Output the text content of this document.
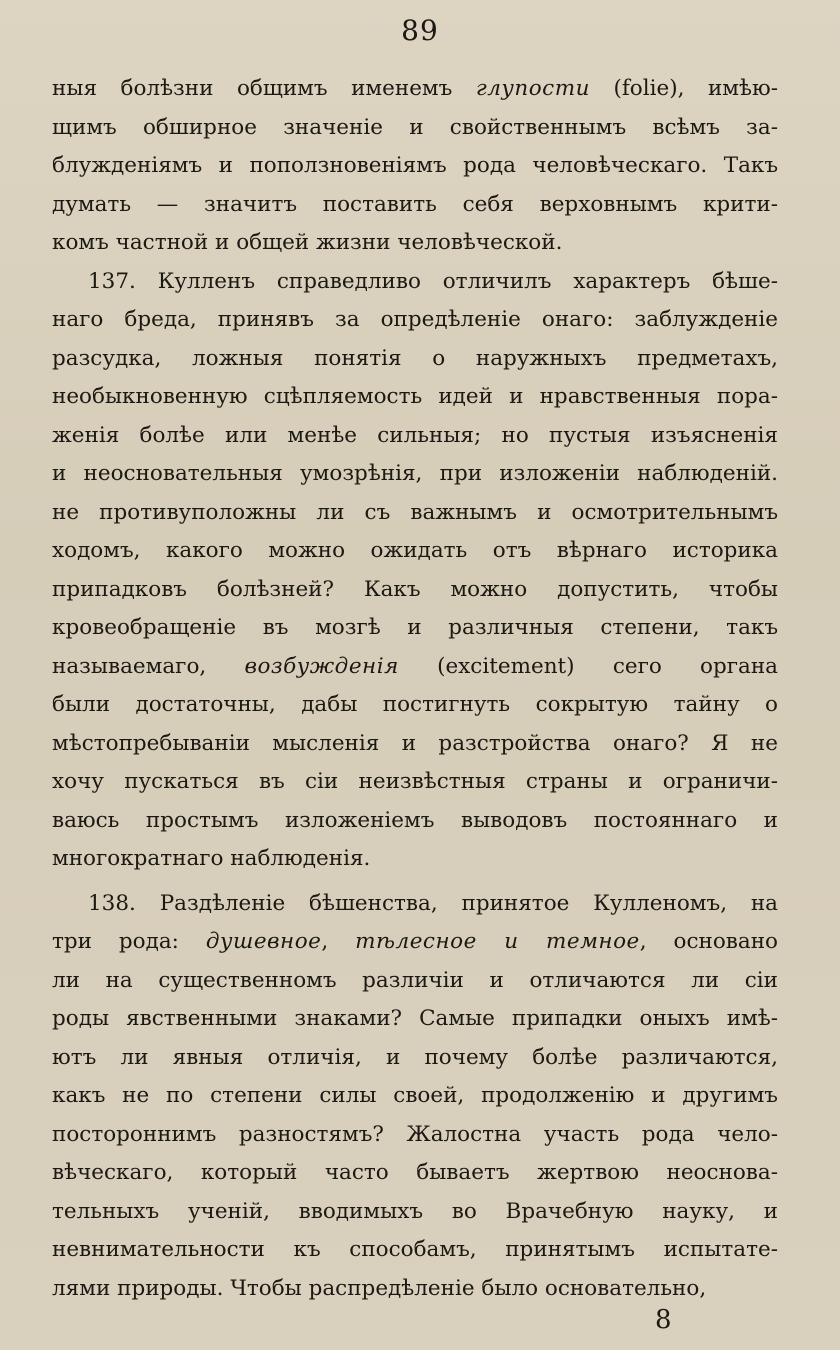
89
ныя болѣзни общимъ именемъ глупости (folie), имѣю-
щимъ обширное значеніе и свойственнымъ всѣмъ за-
блужденіямъ и поползновеніямъ рода человѣческаго. Такъ
думать — значитъ поставить себя верховнымъ крити-
комъ частной и общей жизни человѣческой.
137. Кулленъ справедливо отличилъ характеръ бѣше-
наго бреда, принявъ за опредѣленіе онаго: заблужденіе
разсудка, ложныя понятія о наружныхъ предметахъ,
необыкновенную сцѣпляемость идей и нравственныя пора-
женія болѣе или менѣе сильныя; но пустыя изъясненія
и неосновательныя умозрѣнія, при изложеніи наблюденій.
не противуположны ли съ важнымъ и осмотрительнымъ
ходомъ, какого можно ожидать отъ вѣрнаго историка
припадковъ болѣзней? Какъ можно допустить, чтобы
кровеобращеніе въ мозгѣ и различныя степени, такъ
называемаго, возбужденія (excitement) сего органа
были достаточны, дабы постигнуть сокрытую тайну о
мѣстопребываніи мысленія и разстройства онаго? Я не
хочу пускаться въ сіи неизвѣстныя страны и ограничи-
ваюсь простымъ изложеніемъ выводовъ постояннаго и
многократнаго наблюденія.
138. Раздѣленіе бѣшенства, принятое Кулленомъ, на
три рода: душевное, тѣлесное и темное, основано
ли на существенномъ различіи и отличаются ли сіи
роды явственными знаками? Самые припадки оныхъ имѣ-
ютъ ли явныя отличія, и почему болѣе различаются,
какъ не по степени силы своей, продолженію и другимъ
постороннимъ разностямъ? Жалостна участь рода чело-
вѣческаго, который часто бываетъ жертвою неоснова-
тельныхъ ученій, вводимыхъ во Врачебную науку, и
невнимательности къ способамъ, принятымъ испытате-
лями природы. Чтобы распредѣленіе было основательно,
8
